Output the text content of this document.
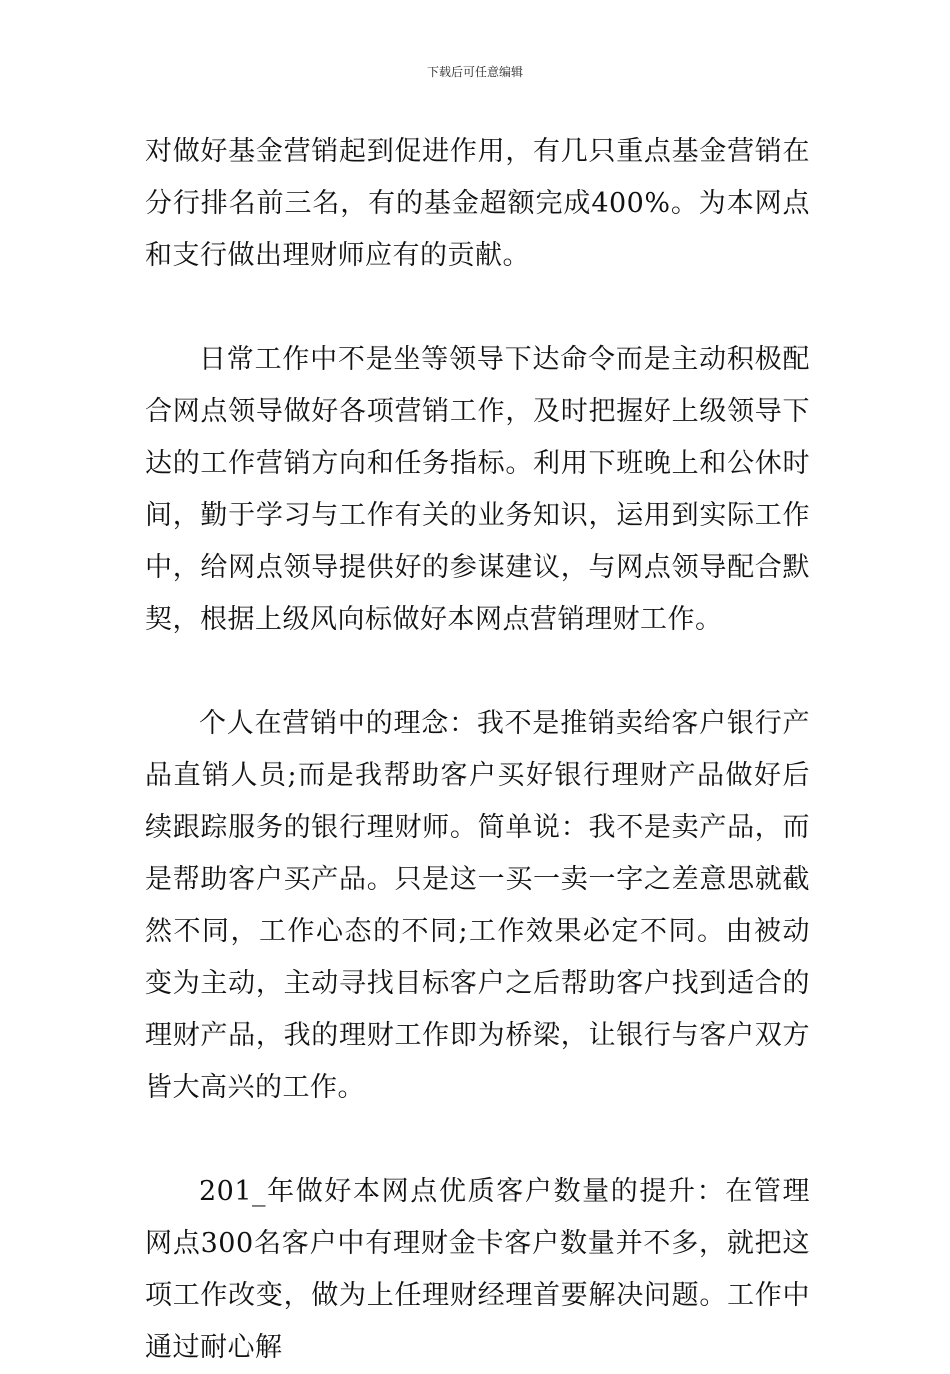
下载后可任意编辑

对做好基金营销起到促进作用，有几只重点基金营销在分行排名前三名，有的基金超额完成400%。为本网点和支行做出理财师应有的贡献。

日常工作中不是坐等领导下达命令而是主动积极配合网点领导做好各项营销工作，及时把握好上级领导下达的工作营销方向和任务指标。利用下班晚上和公休时间，勤于学习与工作有关的业务知识，运用到实际工作中，给网点领导提供好的参谋建议，与网点领导配合默契，根据上级风向标做好本网点营销理财工作。

个人在营销中的理念：我不是推销卖给客户银行产品直销人员;而是我帮助客户买好银行理财产品做好后续跟踪服务的银行理财师。简单说：我不是卖产品，而是帮助客户买产品。只是这一买一卖一字之差意思就截然不同，工作心态的不同;工作效果必定不同。由被动变为主动，主动寻找目标客户之后帮助客户找到适合的理财产品，我的理财工作即为桥梁，让银行与客户双方皆大高兴的工作。

201_年做好本网点优质客户数量的提升：在管理网点300名客户中有理财金卡客户数量并不多，就把这项工作改变，做为上任理财经理首要解决问题。工作中通过耐心解
